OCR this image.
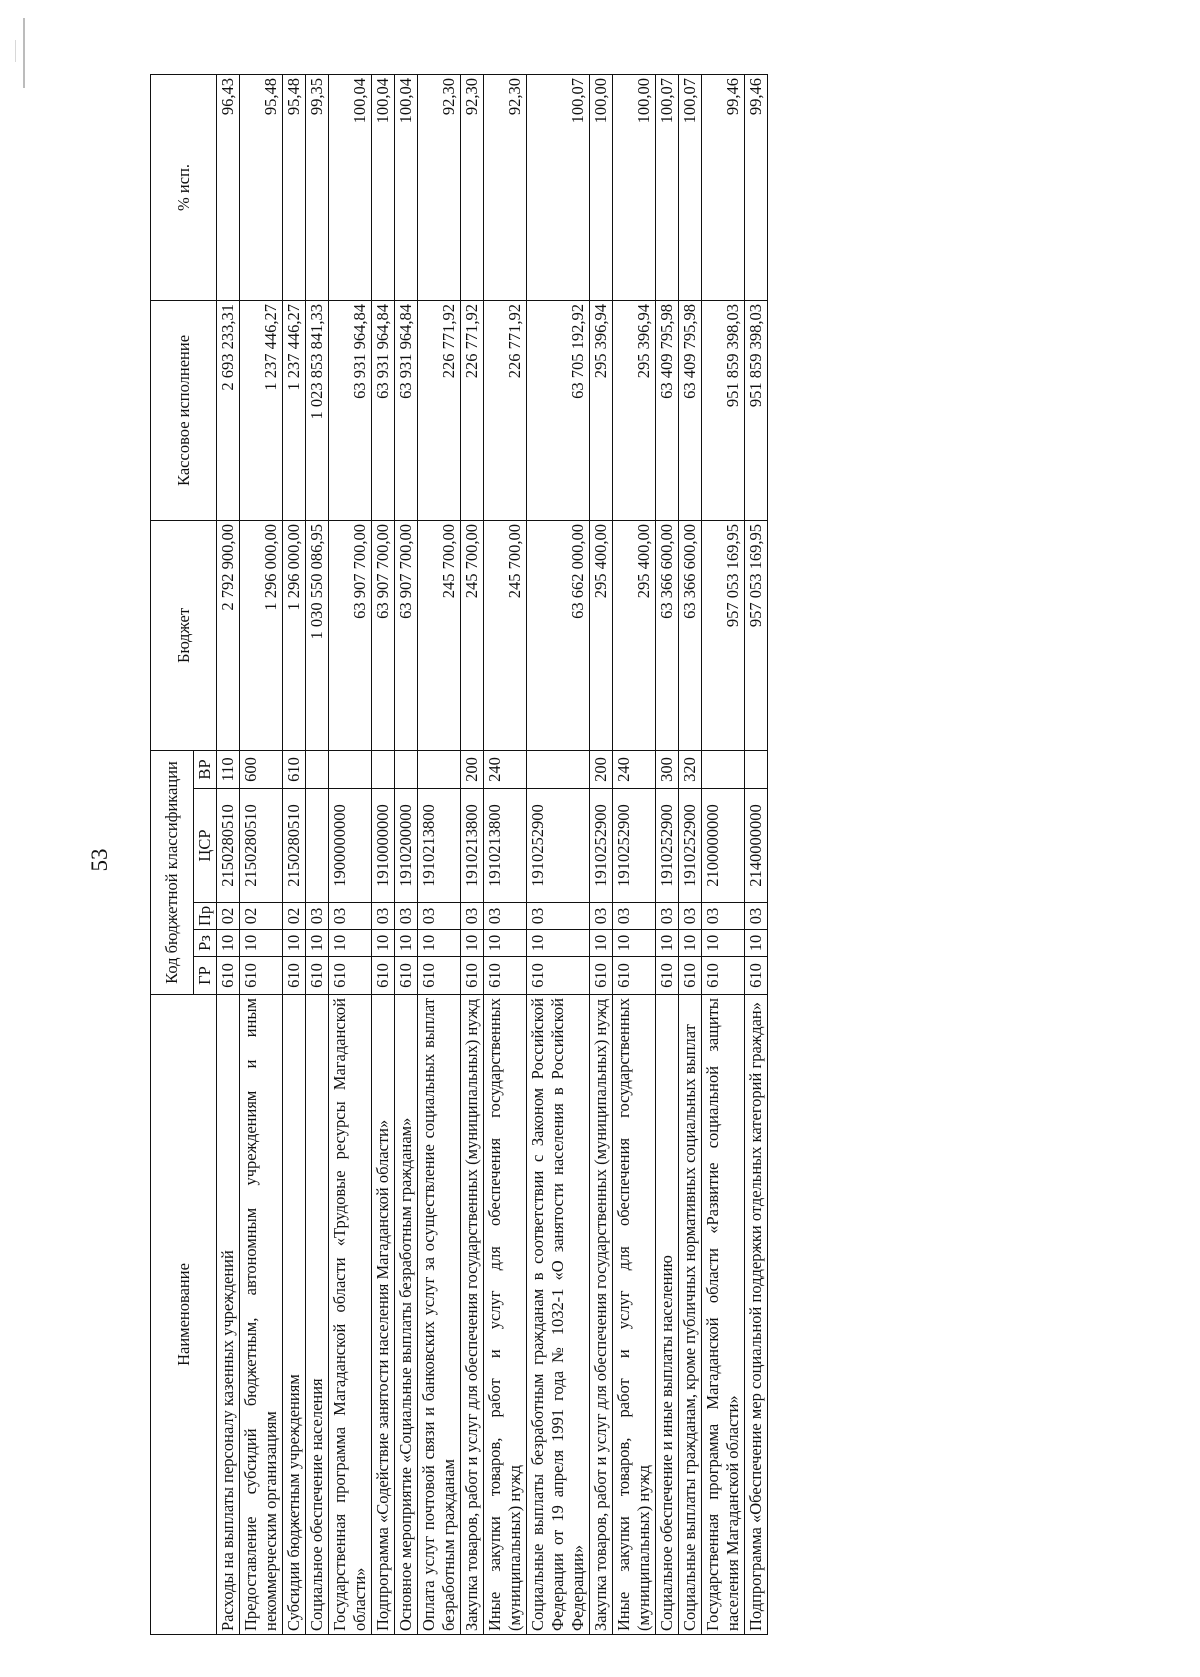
53
Наименование	Код бюджетной классификации					Бюджет	Кассовое исполнение	% исп.
	ГР	Рз	Пр	ЦСР	ВР			
Расходы на выплаты персоналу казенных учреждений	610	10	02	2150280510	110	2 792 900,00	2 693 233,31	96,43
Предоставление субсидий бюджетным, автономным учреждениям и иным некоммерческим организациям	610	10	02	2150280510	600	1 296 000,00	1 237 446,27	95,48
Субсидии бюджетным учреждениям	610	10	02	2150280510	610	1 296 000,00	1 237 446,27	95,48
Социальное обеспечение населения	610	10	03			1 030 550 086,95	1 023 853 841,33	99,35
Государственная программа Магаданской области «Трудовые ресурсы Магаданской области»	610	10	03	1900000000		63 907 700,00	63 931 964,84	100,04
Подпрограмма «Содействие занятости населения Магаданской области»	610	10	03	1910000000		63 907 700,00	63 931 964,84	100,04
Основное мероприятие «Социальные выплаты безработным гражданам»	610	10	03	1910200000		63 907 700,00	63 931 964,84	100,04
Оплата услуг почтовой связи и банковских услуг за осуществление социальных выплат безработным гражданам	610	10	03	1910213800		245 700,00	226 771,92	92,30
Закупка товаров, работ и услуг для обеспечения государственных (муниципальных) нужд	610	10	03	1910213800	200	245 700,00	226 771,92	92,30
Иные закупки товаров, работ и услуг для обеспечения государственных (муниципальных) нужд	610	10	03	1910213800	240	245 700,00	226 771,92	92,30
Социальные выплаты безработным гражданам в соответствии с Законом Российской Федерации от 19 апреля 1991 года № 1032-1 «О занятости населения в Российской Федерации»	610	10	03	1910252900		63 662 000,00	63 705 192,92	100,07
Закупка товаров, работ и услуг для обеспечения государственных (муниципальных) нужд	610	10	03	1910252900	200	295 400,00	295 396,94	100,00
Иные закупки товаров, работ и услуг для обеспечения государственных (муниципальных) нужд	610	10	03	1910252900	240	295 400,00	295 396,94	100,00
Социальное обеспечение и иные выплаты населению	610	10	03	1910252900	300	63 366 600,00	63 409 795,98	100,07
Социальные выплаты гражданам, кроме публичных нормативных социальных выплат	610	10	03	1910252900	320	63 366 600,00	63 409 795,98	100,07
Государственная программа Магаданской области «Развитие социальной защиты населения Магаданской области»	610	10	03	2100000000		957 053 169,95	951 859 398,03	99,46
Подпрограмма «Обеспечение мер социальной поддержки отдельных категорий граждан»	610	10	03	2140000000		957 053 169,95	951 859 398,03	99,46
